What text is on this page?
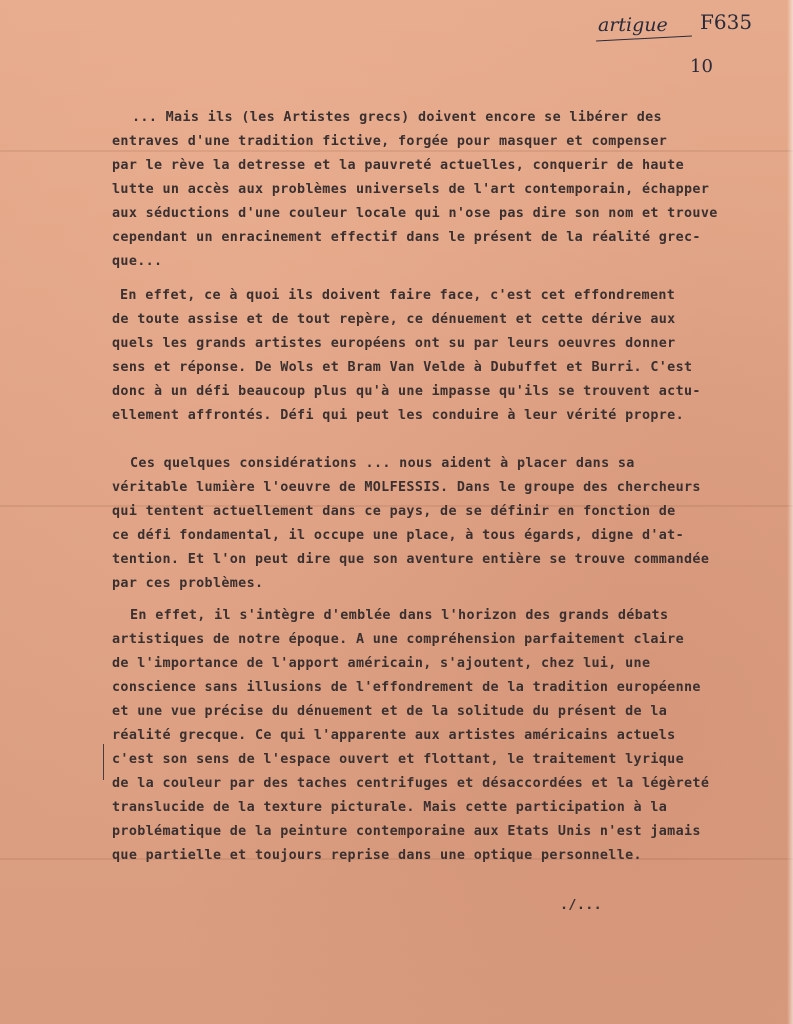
artigue F635
10

... Mais ils (les Artistes grecs) doivent encore se libérer des

entraves d'une tradition fictive, forgée pour masquer et compenser

par le rève la detresse et la pauvreté actuelles, conquerir de haute

lutte un accès aux problèmes universels de l'art contemporain, échapper

aux séductions d'une couleur locale qui n'ose pas dire son nom et trouve

cependant un enracinement effectif dans le présent de la réalité grec-

que...

En effet, ce à quoi ils doivent faire face, c'est cet effondrement

de toute assise et de tout repère, ce dénuement et cette dérive aux

quels les grands artistes européens ont su par leurs oeuvres donner

sens et réponse. De Wols et Bram Van Velde à Dubuffet et Burri. C'est

donc à un défi beaucoup plus qu'à une impasse qu'ils se trouvent actu-

ellement affrontés. Défi qui peut les conduire à leur vérité propre.

Ces quelques considérations ... nous aident à placer dans sa

véritable lumière l'oeuvre de MOLFESSIS. Dans le groupe des chercheurs

qui tentent actuellement dans ce pays, de se définir en fonction de

ce défi fondamental, il occupe une place, à tous égards, digne d'at-

tention. Et l'on peut dire que son aventure entière se trouve commandée

par ces problèmes.

En effet, il s'intègre d'emblée dans l'horizon des grands débats

artistiques de notre époque. A une compréhension parfaitement claire

de l'importance de l'apport américain, s'ajoutent, chez lui, une

conscience sans illusions de l'effondrement de la tradition européenne

et une vue précise du dénuement et de la solitude du présent de la

réalité grecque. Ce qui l'apparente aux artistes américains actuels

c'est son sens de l'espace ouvert et flottant, le traitement lyrique

de la couleur par des taches centrifuges et désaccordées et la légèreté

translucide de la texture picturale. Mais cette participation à la

problématique de la peinture contemporaine aux Etats Unis n'est jamais

que partielle et toujours reprise dans une optique personnelle.

./...
